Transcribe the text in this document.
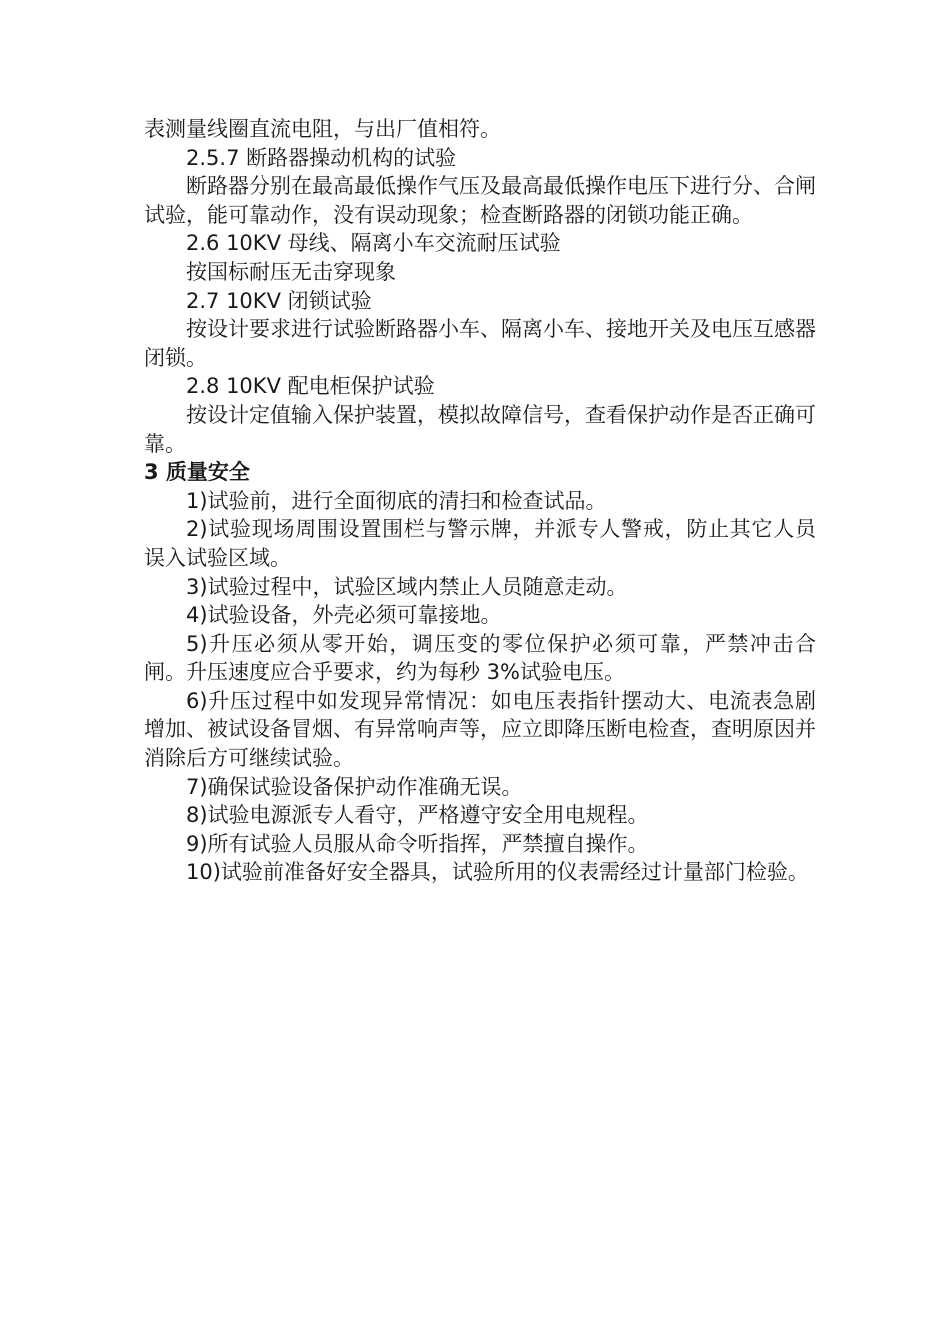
表测量线圈直流电阻，与出厂值相符。

2.5.7 断路器操动机构的试验

断路器分别在最高最低操作气压及最高最低操作电压下进行分、合闸试验，能可靠动作，没有误动现象；检查断路器的闭锁功能正确。

2.6 10KV 母线、隔离小车交流耐压试验

按国标耐压无击穿现象

2.7 10KV 闭锁试验

按设计要求进行试验断路器小车、隔离小车、接地开关及电压互感器闭锁。

2.8 10KV 配电柜保护试验

按设计定值输入保护装置，模拟故障信号，查看保护动作是否正确可靠。

3 质量安全

1)试验前，进行全面彻底的清扫和检查试品。

2)试验现场周围设置围栏与警示牌，并派专人警戒，防止其它人员误入试验区域。

3)试验过程中，试验区域内禁止人员随意走动。

4)试验设备，外壳必须可靠接地。

5)升压必须从零开始，调压变的零位保护必须可靠，严禁冲击合闸。升压速度应合乎要求，约为每秒 3%试验电压。

6)升压过程中如发现异常情况：如电压表指针摆动大、电流表急剧增加、被试设备冒烟、有异常响声等，应立即降压断电检查，查明原因并消除后方可继续试验。

7)确保试验设备保护动作准确无误。

8)试验电源派专人看守，严格遵守安全用电规程。

9)所有试验人员服从命令听指挥，严禁擅自操作。

10)试验前准备好安全器具，试验所用的仪表需经过计量部门检验。
